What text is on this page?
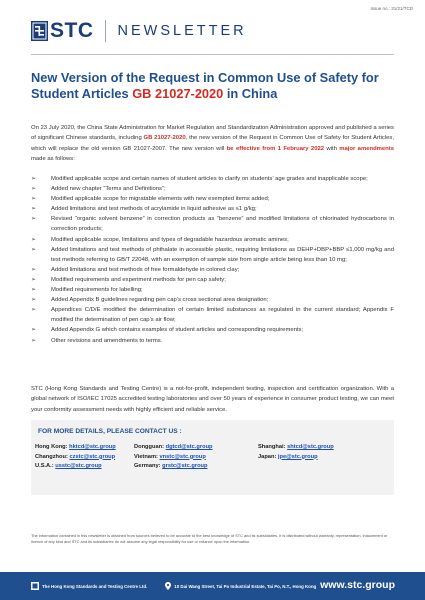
Issue no.: 31/21/TCD
STC NEWSLETTER
New Version of the Request in Common Use of Safety for Student Articles GB 21027-2020 in China

On 23 July 2020, the China State Administration for Market Regulation and Standardization Administration approved and published a series of significant Chinese standards, including GB 21027-2020, the new version of the Request in Common Use of Safety for Student Articles, which will replace the old version GB 21027-2007. The new version will be effective from 1 February 2022 with major amendments made as follows:

➢	Modified applicable scope and certain names of student articles to clarify on students’ age grades and inapplicable scope;
➢	Added new chapter “Terms and Definitions”;
➢	Modified applicable scope for migratable elements with new exempted items added;
➢	Added limitations and test methods of acrylamide in liquid adhesive as ≤1 g/kg;
➢	Revised “organic solvent benzene” in correction products as “benzene” and modified limitations of chlorinated hydrocarbons in correction products;
➢	Modified applicable scope, limitations and types of degradable hazardous aromatic amines;
➢	Added limitations and test methods of phthalate in accessible plastic, requiring limitations as DEHP+DBP+BBP ≤1,000 mg/kg and test methods referring to GB/T 22048, with an exemption of sample size from single article being less than 10 mg;
➢	Added limitations and test methods of free formaldehyde in colored clay;
➢	Modified requirements and experiment methods for pen cap safety;
➢	Modified requirements for labelling;
➢	Added Appendix B guidelines regarding pen cap’s cross sectional area designation;
➢	Appendices C/D/E modified the determination of certain limited substances as regulated in the current standard; Appendix F modified the determination of pen cap’s air flow;
➢	Added Appendix G which contains examples of student articles and corresponding requirements;
➢	Other revisions and amendments to terms.

STC (Hong Kong Standards and Testing Centre) is a not-for-profit, independent testing, inspection and certification organization. With a global network of ISO/IEC 17025 accredited testing laboratories and over 50 years of experience in consumer product testing, we can meet your conformity assessment needs with highly efficient and reliable service.

FOR MORE DETAILS, PLEASE CONTACT US :
Hong Kong: hktcd@stc.group	Dongguan: dgtcd@stc.group	Shanghai: shtcd@stc.group
Changzhou: czstc@stc.group	Vietnam: vnstc@stc.group	Japan: jpe@stc.group
U.S.A.: usstc@stc.group	Germany: grstc@stc.group

The information contained in this newsletter is obtained from sources believed to be accurate to the best knowledge of STC and its subsidiaries. It is distributed without warranty, representation, inducement or licence of any kind and STC and its subsidiaries do not assume any legal responsibility for use or reliance upon the information.

The Hong Kong Standards and Testing Centre Ltd.	10 Dai Wang Street, Tai Po Industrial Estate, Tai Po, N.T., Hong Kong www.stc.group
